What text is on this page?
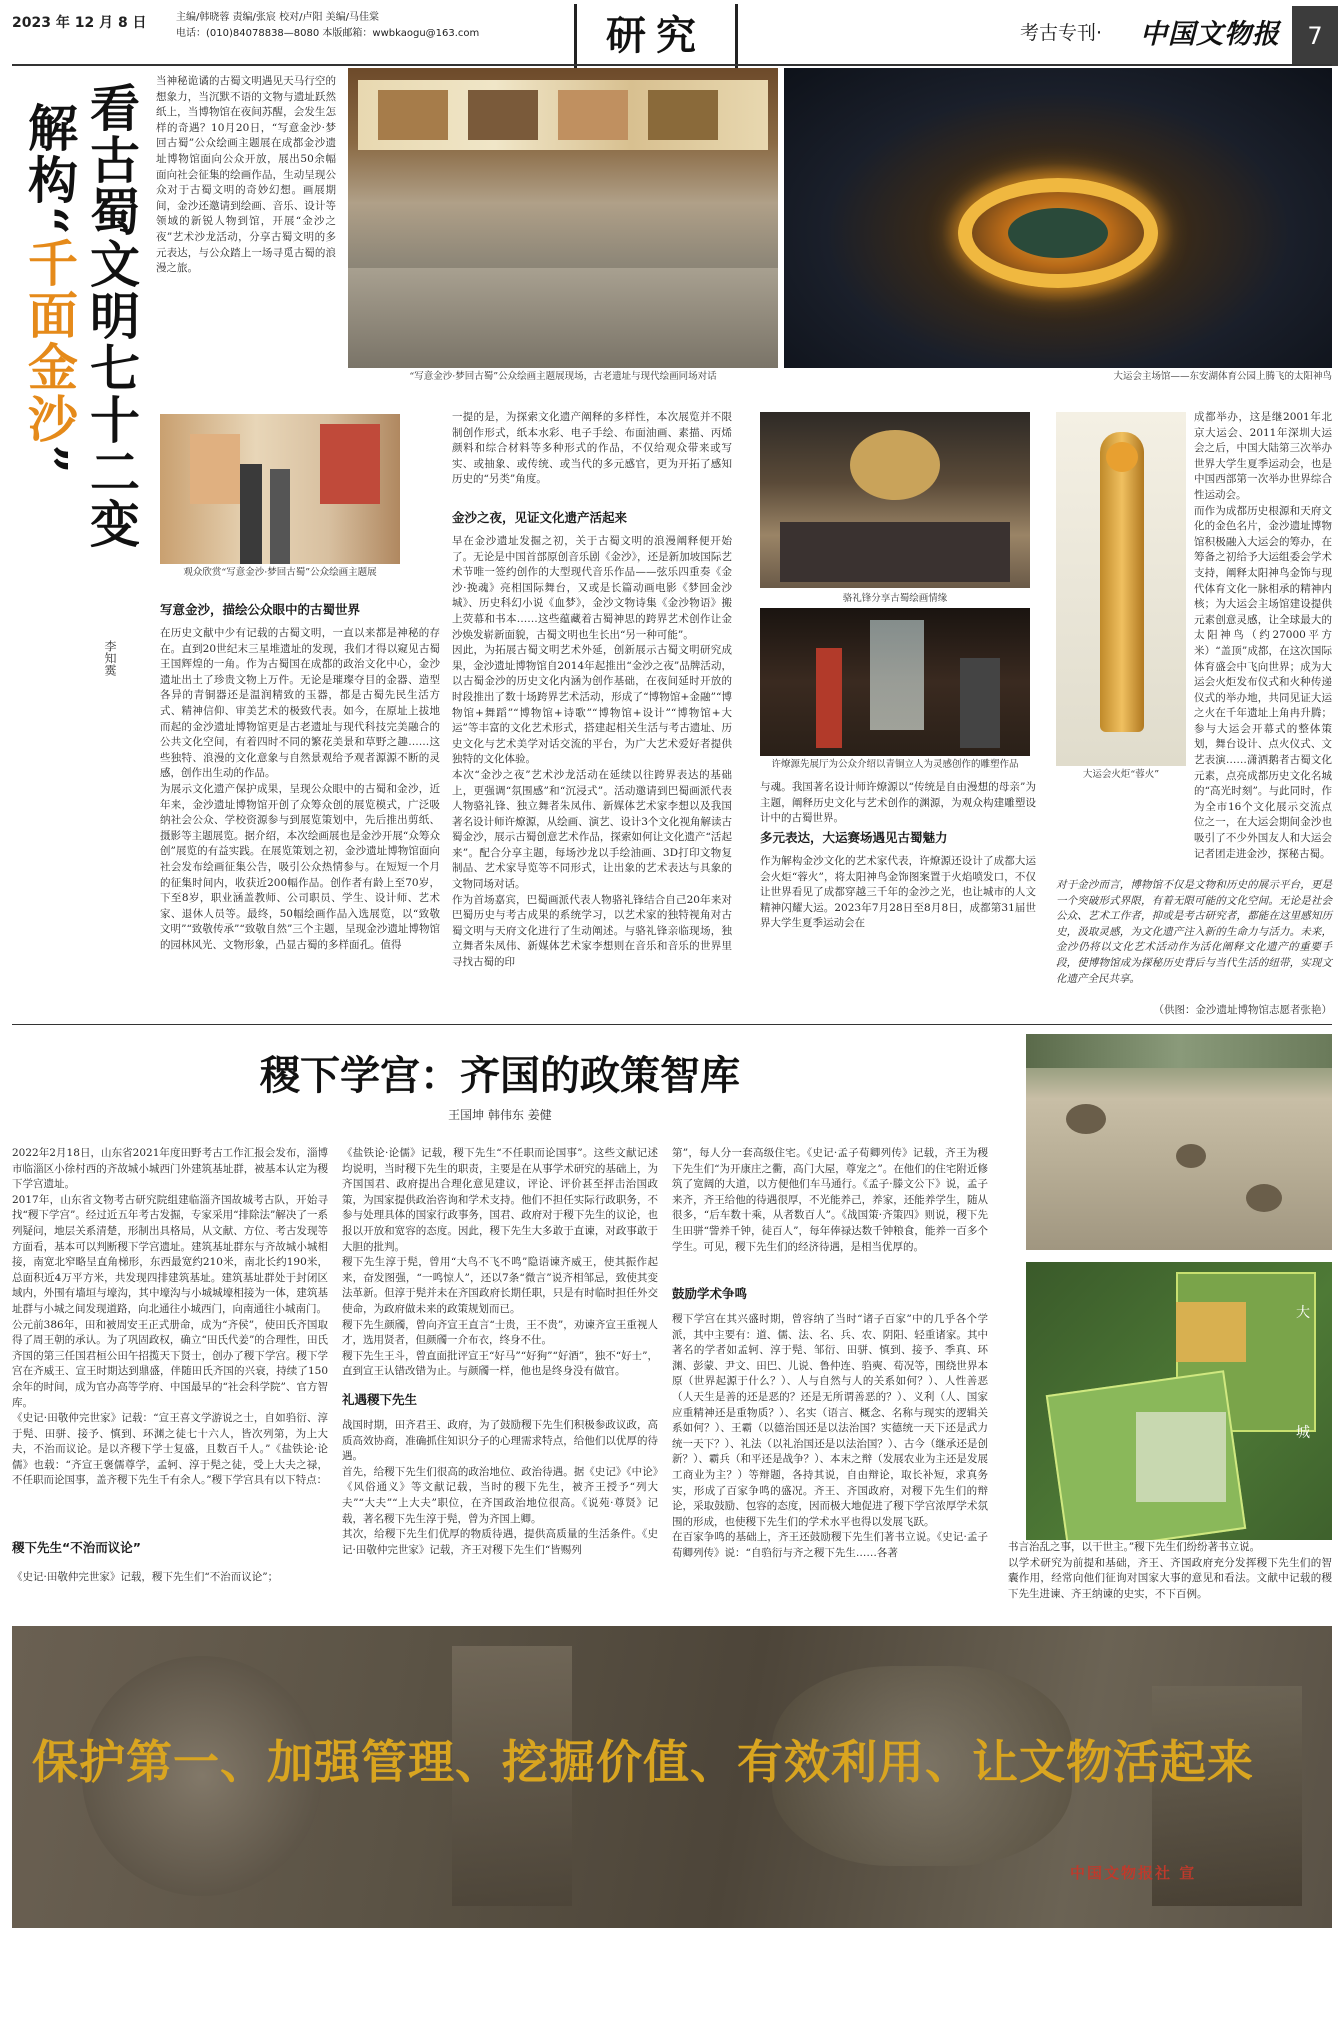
2023 年 12 月 8 日	主编/韩晓蓉 责编/张宸 校对/卢阳 美编/马佳棠
电话：(010)84078838—8080 本版邮箱：wwbkaogu@163.com	研究	考古专刊· 中国文物报	7
看古蜀文明七十二变
解构“千面金沙”
李知霙
当神秘诡谲的古蜀文明遇见天马行空的想象力，当沉默不语的文物与遗址跃然纸上，当博物馆在夜间苏醒，会发生怎样的奇遇？10月20日，“写意金沙·梦回古蜀”公众绘画主题展在成都金沙遗址博物馆面向公众开放，展出50余幅面向社会征集的绘画作品，生动呈现公众对于古蜀文明的奇妙幻想。画展期间，金沙还邀请到绘画、音乐、设计等领域的新锐人物到馆，开展“金沙之夜”艺术沙龙活动，分享古蜀文明的多元表达，与公众踏上一场寻觅古蜀的浪漫之旅。
“写意金沙·梦回古蜀”公众绘画主题展现场，古老遗址与现代绘画同场对话	大运会主场馆——东安湖体育公园上腾飞的太阳神鸟
观众欣赏“写意金沙·梦回古蜀”公众绘画主题展
写意金沙，描绘公众眼中的古蜀世界
在历史文献中少有记载的古蜀文明，一直以来都是神秘的存在。直到20世纪末三星堆遗址的发现，我们才得以窥见古蜀王国辉煌的一角。作为古蜀国在成都的政治文化中心，金沙遗址出土了珍贵文物上万件。无论是璀璨夺目的金器、造型各异的青铜器还是温润精致的玉器，都是古蜀先民生活方式、精神信仰、审美艺术的极致代表。如今，在原址上拔地而起的金沙遗址博物馆更是古老遗址与现代科技完美融合的公共文化空间，有着四时不同的繁花美景和草野之趣……这些独特、浪漫的文化意象与自然景观给予观者源源不断的灵感，创作出生动的作品。
为展示文化遗产保护成果，呈现公众眼中的古蜀和金沙，近年来，金沙遗址博物馆开创了众筹众创的展览模式，广泛吸纳社会公众、学校资源参与到展览策划中，先后推出剪纸、摄影等主题展览。据介绍，本次绘画展也是金沙开展“众筹众创”展览的有益实践。在展览策划之初，金沙遗址博物馆面向社会发布绘画征集公告，吸引公众热情参与。在短短一个月的征集时间内，收获近200幅作品。创作者有龄上至70岁，下至8岁，职业涵盖教师、公司职员、学生、设计师、艺术家、退休人员等。最终，50幅绘画作品入选展览，以“致敬文明”“致敬传承”“致敬自然”三个主题，呈现金沙遗址博物馆的园林风光、文物形象，凸显古蜀的多样面孔。值得
一提的是，为探索文化遗产阐释的多样性，本次展览并不限制创作形式，纸本水彩、电子手绘、布面油画、素描、丙烯颜料和综合材料等多种形式的作品，不仅给观众带来或写实、或抽象、或传统、或当代的多元感官，更为开拓了感知历史的“另类”角度。
金沙之夜，见证文化遗产活起来
早在金沙遗址发掘之初，关于古蜀文明的浪漫阐释便开始了。无论是中国首部原创音乐剧《金沙》，还是新加坡国际艺术节唯一签约创作的大型现代音乐作品——弦乐四重奏《金沙·挽魂》亮相国际舞台，又或是长篇动画电影《梦回金沙城》、历史科幻小说《血梦》，金沙文物诗集《金沙物语》搬上荧幕和书本……这些蕴藏着古蜀神思的跨界艺术创作让金沙焕发崭新面貌，古蜀文明也生长出“另一种可能”。
因此，为拓展古蜀文明艺术外延，创新展示古蜀文明研究成果，金沙遗址博物馆自2014年起推出“金沙之夜”品牌活动，以古蜀金沙的历史文化内涵为创作基础，在夜间延时开放的时段推出了数十场跨界艺术活动，形成了“博物馆+金融”“博物馆+舞蹈”“博物馆+诗歌”“博物馆+设计”“博物馆+大运”等丰富的文化艺术形式，搭建起相关生活与考古遗址、历史文化与艺术美学对话交流的平台，为广大艺术爱好者提供独特的文化体验。
本次“金沙之夜”艺术沙龙活动在延续以往跨界表达的基础上，更强调“氛围感”和“沉浸式”。活动邀请到巴蜀画派代表人物骆礼锋、独立舞者朱凤伟、新媒体艺术家李想以及我国著名设计师许燎源，从绘画、演艺、设计3个文化视角解读古蜀金沙，展示古蜀创意艺术作品，探索如何让文化遗产“活起来”。配合分享主题，每场沙龙以手绘油画、3D打印文物复制品、艺术家导览等不同形式，让出象的艺术表达与具象的文物同场对话。
作为首场嘉宾，巴蜀画派代表人物骆礼锋结合自己20年来对巴蜀历史与考古成果的系统学习，以艺术家的独特视角对古蜀文明与天府文化进行了生动阐述。与骆礼锋亲临现场，独立舞者朱凤伟、新媒体艺术家李想则在音乐和音乐的世界里寻找古蜀的印
骆礼锋分享古蜀绘画情缘
许燎源先展厅为公众介绍以青铜立人为灵感创作的雕塑作品
与魂。我国著名设计师许燎源以“传统是自由漫想的母亲”为主题，阐释历史文化与艺术创作的渊源，为观众构建雕塑设计中的古蜀世界。
多元表达，大运赛场遇见古蜀魅力
作为解构金沙文化的艺术家代表，许燎源还设计了成都大运会火炬“蓉火”，将太阳神鸟金饰图案置于火焰喷发口，不仅让世界看见了成都穿越三千年的金沙之光，也让城市的人文精神闪耀大运。2023年7月28日至8月8日，成都第31届世界大学生夏季运动会在
大运会火炬“蓉火”
成都举办，这是继2001年北京大运会、2011年深圳大运会之后，中国大陆第三次举办世界大学生夏季运动会，也是中国西部第一次举办世界综合性运动会。
而作为成都历史根源和天府文化的金色名片，金沙遗址博物馆积极融入大运会的筹办，在筹备之初给予大运组委会学术支持，阐释太阳神鸟金饰与现代体育文化一脉相承的精神内核；为大运会主场馆建设提供元素创意灵感，让全球最大的太阳神鸟（约27000平方米）“盖顶”成都，在这次国际体育盛会中飞向世界；成为大运会火炬发布仪式和火种传递仪式的举办地，共同见证大运之火在千年遗址上角冉升腾；参与大运会开幕式的整体策划，舞台设计、点火仪式、文艺表演……潇洒鹅者古蜀文化元素，点亮成都历史文化名城的“高光时刻”。与此同时，作为全市16个文化展示交流点位之一，在大运会期间金沙也吸引了不少外国友人和大运会记者团走进金沙，探秘古蜀。
对于金沙而言，博物馆不仅是文物和历史的展示平台，更是一个突破形式界限，有着无限可能的文化空间。无论是社会公众、艺术工作者，抑或是考古研究者，都能在这里感知历史，汲取灵感，为文化遗产注入新的生命力与活力。未来，金沙仍将以文化艺术活动作为活化阐释文化遗产的重要手段，使博物馆成为探秘历史背后与当代生活的纽带，实现文化遗产全民共享。
（供图：金沙遗址博物馆志愿者张艳）
稷下学宫：齐国的政策智库
王国坤 韩伟东 姜健
2022年2月18日，山东省2021年度田野考古工作汇报会发布，淄博市临淄区小徐村西的齐故城小城西门外建筑基址群，被基本认定为稷下学宫遗址。
2017年，山东省文物考古研究院组建临淄齐国故城考古队，开始寻找“稷下学宫”。经过近五年考古发掘，专家采用“排除法”解决了一系列疑问，地层关系清楚，形制出具格局，从文献、方位、考古发现等方面看，基本可以判断稷下学宫遗址。建筑基址群东与齐故城小城相接，南宽北窄略呈直角梯形，东西最宽约210米，南北长约190米，总面积近4万平方米，共发现四排建筑基址。建筑基址群处于封闭区域内，外围有墙垣与壕沟，其中壕沟与小城城壕相接为一体，建筑基址群与小城之间发现道路，向北通往小城西门，向南通往小城南门。
公元前386年，田和被周安王正式册命，成为“齐侯”，使田氏齐国取得了周王朝的承认。为了巩固政权，确立“田氏代姜”的合理性，田氏齐国的第三任国君桓公田午招揽天下贤士，创办了稷下学宫。稷下学宫在齐威王、宣王时期达到鼎盛，伴随田氏齐国的兴衰，持续了150余年的时间，成为官办高等学府、中国最早的“社会科学院”、官方智库。
《史记·田敬仲完世家》记载：“宣王喜文学游说之士，自如驺衍、淳于髡、田骈、接予、慎到、环渊之徒七十六人，皆次列第，为上大夫，不治而议论。是以齐稷下学士复盛，且数百千人。”《盐铁论·论儒》也载：“齐宣王褒儒尊学，孟轲、淳于髡之徒，受上大夫之禄，不任职而论国事，盖齐稷下先生千有余人。”稷下学宫具有以下特点：
稷下先生“不治而议论”
《史记·田敬仲完世家》记载，稷下先生们“不治而议论”；
《盐铁论·论儒》记载，稷下先生“不任职而论国事”。这些文献记述均说明，当时稷下先生的职责，主要是在从事学术研究的基础上，为齐国国君、政府提出合理化意见建议，评论、评价甚至抨击治国政策，为国家提供政治咨询和学术支持。他们不担任实际行政职务，不参与处理具体的国家行政事务，国君、政府对于稷下先生的议论，也报以开放和宽容的态度。因此，稷下先生大多敢于直谏，对政事敢于大胆的批判。
稷下先生淳于髡，曾用“大鸟不飞不鸣”隐语谏齐威王，使其振作起来，奋发图强，“一鸣惊人”，还以7条“微言”说齐相邹忌，致使其变法革新。但淳于髡并未在齐国政府长期任职，只是有时临时担任外交使命，为政府做未来的政策规划而已。
稷下先生颜斶，曾向齐宣王直言“士贵，王不贵”，劝谏齐宣王重视人才，选用贤者，但颜斶一介布衣，终身不仕。
稷下先生王斗，曾直面批评宣王“好马”“好狗”“好酒”，独不“好士”，直到宣王认错改错为止。与颜斶一样，他也是终身没有做官。
礼遇稷下先生
战国时期，田齐君王、政府，为了鼓励稷下先生们积极参政议政，高质高效协商，准确抓住知识分子的心理需求特点，给他们以优厚的待遇。
首先，给稷下先生们很高的政治地位、政治待遇。据《史记》《中论》《风俗通义》等文献记载，当时的稷下先生，被齐王授予“列大夫”“大夫”“上大夫”职位，在齐国政治地位很高。《说苑·尊贤》记载，著名稷下先生淳于髡，曾为齐国上卿。
其次，给稷下先生们优厚的物质待遇，提供高质量的生活条件。《史记·田敬仲完世家》记载，齐王对稷下先生们“皆赐列
第”，每人分一套高级住宅。《史记·孟子荀卿列传》记载，齐王为稷下先生们“为开康庄之衢，高门大屋，尊宠之”。在他们的住宅附近修筑了宽阔的大道，以方便他们车马通行。《孟子·滕文公下》说，孟子来齐，齐王给他的待遇很厚，不光能养己，养家，还能养学生，随从很多，“后车数十乘，从者数百人”。《战国策·齐策四》则说，稷下先生田骈“訾养千钟，徒百人”，每年俸禄达数千钟粮食，能养一百多个学生。可见，稷下先生们的经济待遇，是相当优厚的。
鼓励学术争鸣
稷下学宫在其兴盛时期，曾容纳了当时“诸子百家”中的几乎各个学派，其中主要有：道、儒、法、名、兵、农、阴阳、轻重诸家。其中著名的学者如孟轲、淳于髡、邹衍、田骈、慎到、接予、季真、环渊、彭蒙、尹文、田巴、儿说、鲁仲连、驺奭、荀况等，围绕世界本原（世界起源于什么？）、人与自然与人的关系如何？）、人性善恶（人天生是善的还是恶的？还是无所谓善恶的？）、义利（人、国家应重精神还是重物质？）、名实（语言、概念、名称与现实的逻辑关系如何？）、王霸（以德治国还是以法治国？实德统一天下还是武力统一天下？）、礼法（以礼治国还是以法治国？）、古今（继承还是创新？）、霸兵（和平还是战争？）、本末之辩（发展农业为主还是发展工商业为主？）等辩题，各持其说，自由辩论，取长补短，求真务实，形成了百家争鸣的盛况。齐王、齐国政府，对稷下先生们的辩论，采取鼓励、包容的态度，因而极大地促进了稷下学宫浓厚学术氛围的形成，也使稷下先生们的学术水平也得以发展飞跃。
在百家争鸣的基础上，齐王还鼓励稷下先生们著书立说。《史记·孟子荀卿列传》说：“自驺衍与齐之稷下先生……各著
大
城
书言治乱之事，以干世主。”稷下先生们纷纷著书立说。
以学术研究为前提和基础，齐王、齐国政府充分发挥稷下先生们的智囊作用，经常向他们征询对国家大事的意见和看法。文献中记载的稷下先生进谏、齐王纳谏的史实，不下百例。
保护第一、加强管理、挖掘价值、有效利用、让文物活起来
中国文物报社 宣
